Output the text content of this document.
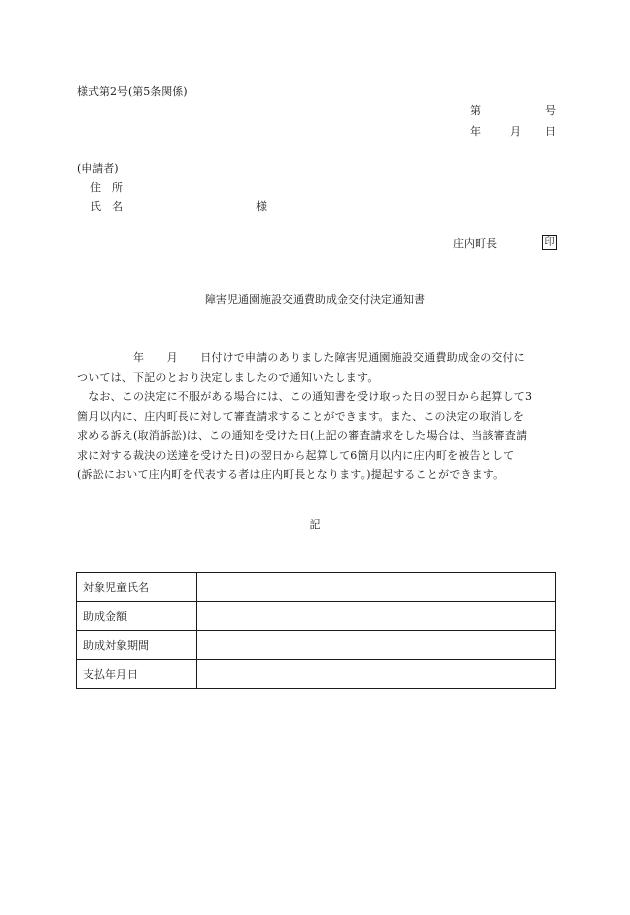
様式第2号(第5条関係)
第	号
年	月 日
(申請者)
住　所
氏　名	様
庄内町長	印
障害児通園施設交通費助成金交付決定通知書

　　　　　年　　月　　日付けで申請のありました障害児通園施設交通費助成金の交付に

ついては、下記のとおり決定しましたので通知いたします。

　なお、この決定に不服がある場合には、この通知書を受け取った日の翌日から起算して3

箇月以内に、庄内町長に対して審査請求することができます。また、この決定の取消しを

求める訴え(取消訴訟)は、この通知を受けた日(上記の審査請求をした場合は、当該審査請

求に対する裁決の送達を受けた日)の翌日から起算して6箇月以内に庄内町を被告として

(訴訟において庄内町を代表する者は庄内町長となります。)提起することができます。

記
対象児童氏名	
助成金額	
助成対象期間	
支払年月日	
